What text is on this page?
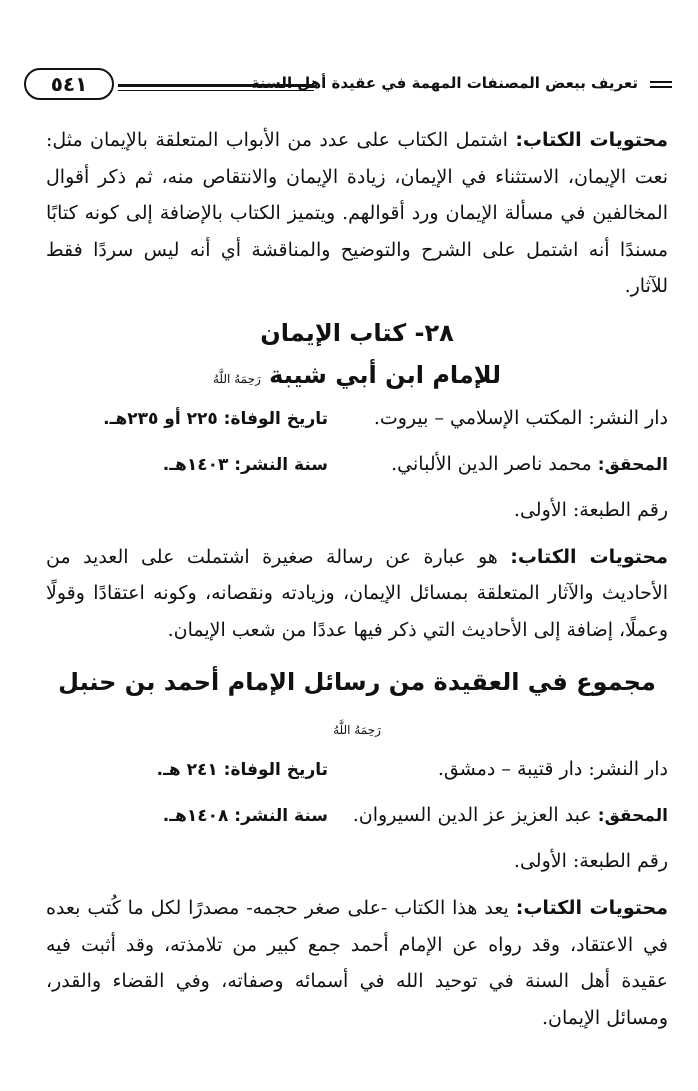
تعريف ببعض المصنفات المهمة في عقيدة أهل السنة
٥٤١

محتويات الكتاب: اشتمل الكتاب على عدد من الأبواب المتعلقة بالإيمان مثل: نعت الإيمان، الاستثناء في الإيمان، زيادة الإيمان والانتقاص منه، ثم ذكر أقوال المخالفين في مسألة الإيمان ورد أقوالهم. ويتميز الكتاب بالإضافة إلى كونه كتابًا مسندًا أنه اشتمل على الشرح والتوضيح والمناقشة أي أنه ليس سردًا فقط للآثار.

٢٨- كتاب الإيمان

للإمام ابن أبي شيبة رَحِمَهُ اللَّهُ

دار النشر: المكتب الإسلامي – بيروت.
تاريخ الوفاة: ٢٢٥ أو ٢٣٥هـ.
المحقق: محمد ناصر الدين الألباني.
سنة النشر: ١٤٠٣هـ.
رقم الطبعة: الأولى.

محتويات الكتاب: هو عبارة عن رسالة صغيرة اشتملت على العديد من الأحاديث والآثار المتعلقة بمسائل الإيمان، وزيادته ونقصانه، وكونه اعتقادًا وقولًا وعملًا، إضافة إلى الأحاديث التي ذكر فيها عددًا من شعب الإيمان.

مجموع في العقيدة من رسائل الإمام أحمد بن حنبل رَحِمَهُ اللَّهُ

دار النشر: دار قتيبة – دمشق.
تاريخ الوفاة: ٢٤١ هـ.
المحقق: عبد العزيز عز الدين السيروان.
سنة النشر: ١٤٠٨هـ.
رقم الطبعة: الأولى.

محتويات الكتاب: يعد هذا الكتاب -على صغر حجمه- مصدرًا لكل ما كُتب بعده في الاعتقاد، وقد رواه عن الإمام أحمد جمع كبير من تلامذته، وقد أثبت فيه عقيدة أهل السنة في توحيد الله في أسمائه وصفاته، وفي القضاء والقدر، ومسائل الإيمان.
